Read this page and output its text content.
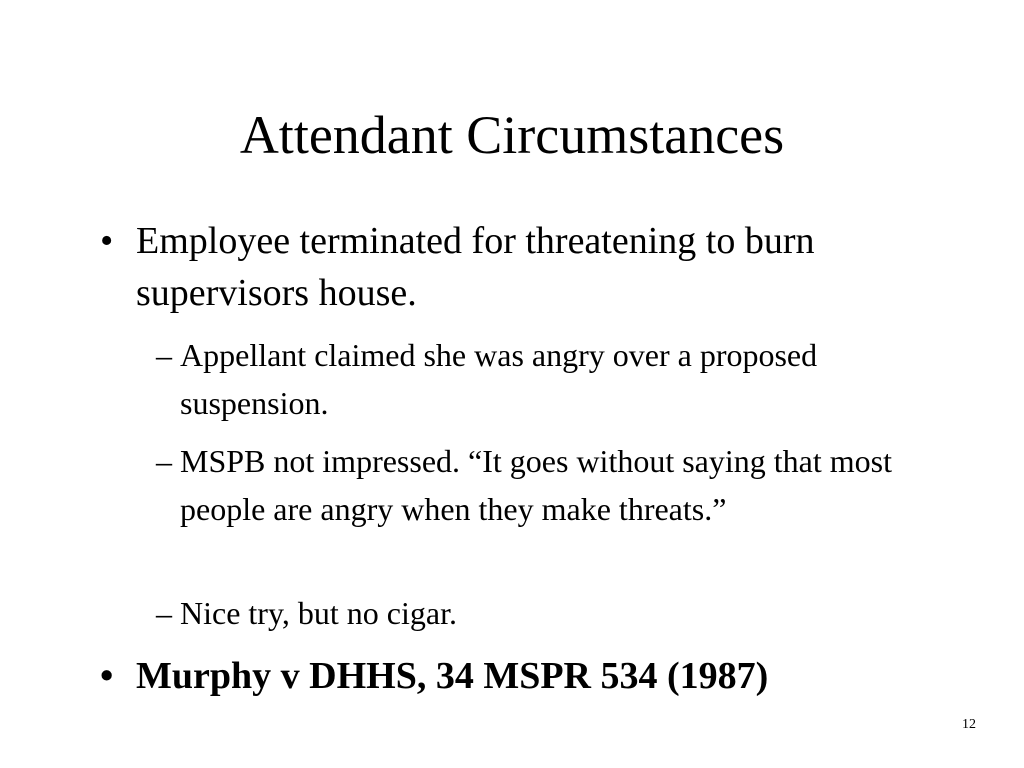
Attendant Circumstances
• Employee terminated for threatening to burn supervisors house.
– Appellant claimed she was angry over a proposed suspension.
– MSPB not impressed. “It goes without saying that most people are angry when they make threats.”
– Nice try, but no cigar.
• Murphy v DHHS, 34 MSPR 534 (1987)
12
